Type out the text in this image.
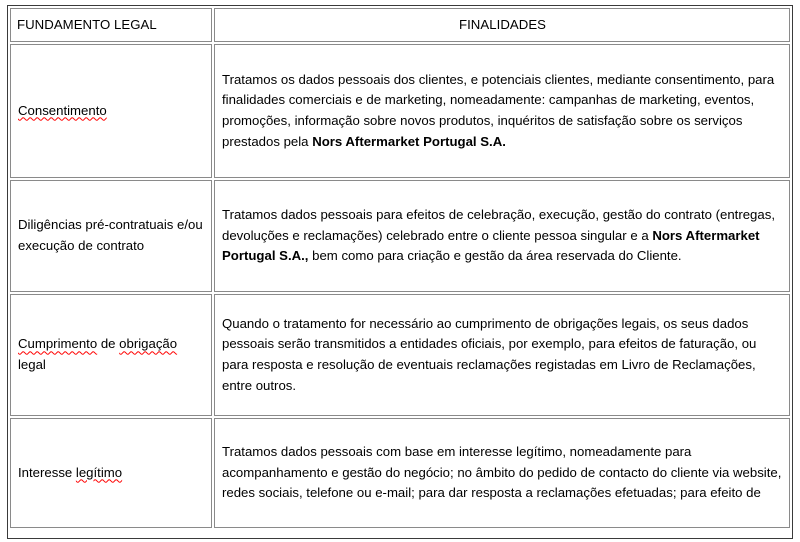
FUNDAMENTO LEGAL	FINALIDADES

Consentimento	Tratamos os dados pessoais dos clientes, e potenciais clientes, mediante consentimento, para finalidades comerciais e de marketing, nomeadamente: campanhas de marketing, eventos, promoções, informação sobre novos produtos, inquéritos de satisfação sobre os serviços prestados pela Nors Aftermarket Portugal S.A.

Diligências pré-contratuais e/ou execução de contrato	Tratamos dados pessoais para efeitos de celebração, execução, gestão do contrato (entregas, devoluções e reclamações) celebrado entre o cliente pessoa singular e a Nors Aftermarket Portugal S.A., bem como para criação e gestão da área reservada do Cliente.

Cumprimento de obrigação legal	Quando o tratamento for necessário ao cumprimento de obrigações legais, os seus dados pessoais serão transmitidos a entidades oficiais, por exemplo, para efeitos de faturação, ou para resposta e resolução de eventuais reclamações registadas em Livro de Reclamações, entre outros.

Interesse legítimo	Tratamos dados pessoais com base em interesse legítimo, nomeadamente para acompanhamento e gestão do negócio; no âmbito do pedido de contacto do cliente via website, redes sociais, telefone ou e-mail; para dar resposta a reclamações efetuadas; para efeito de
